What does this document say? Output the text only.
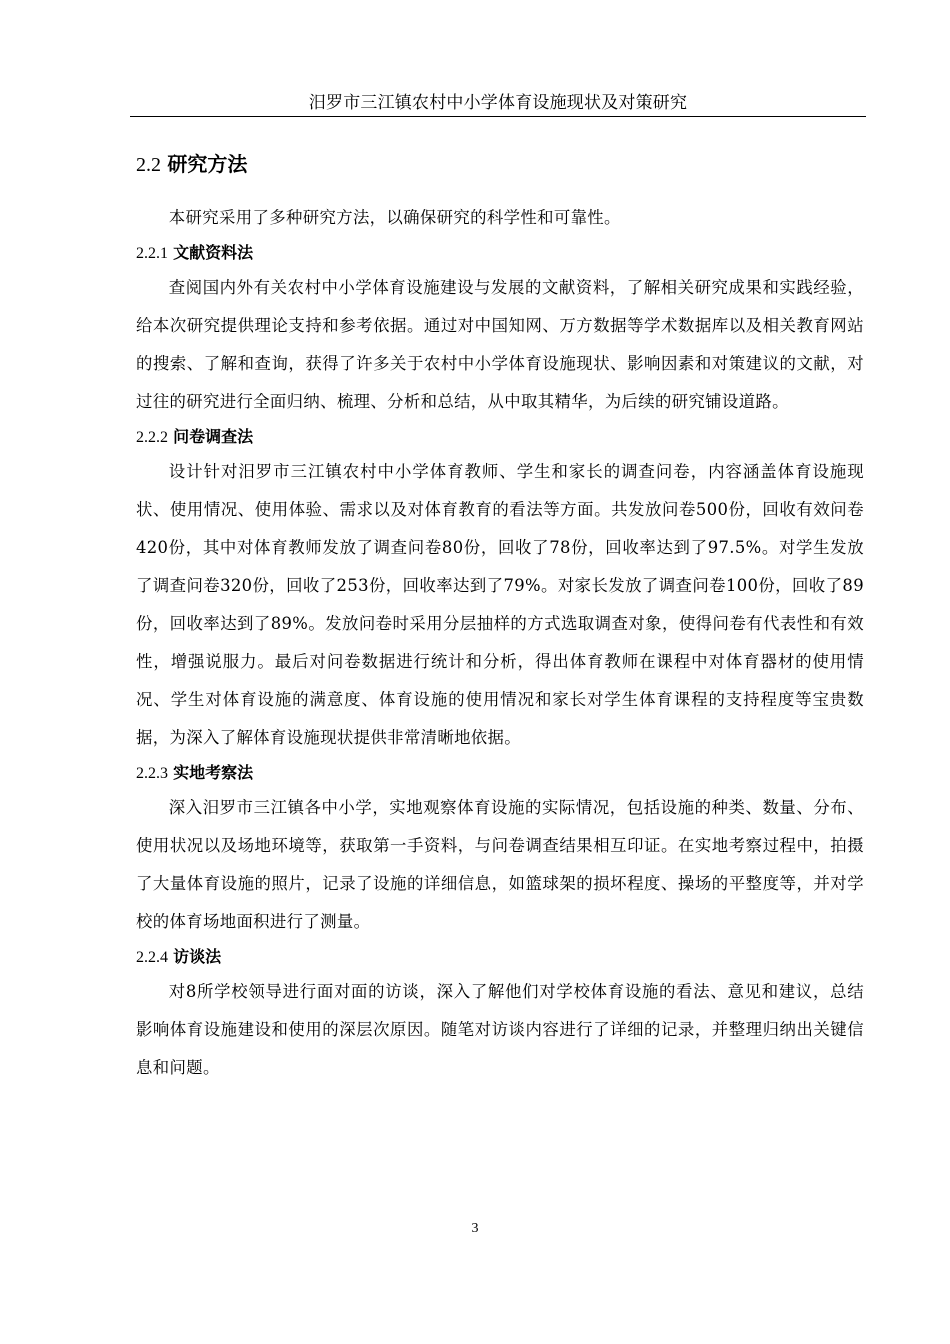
汨罗市三江镇农村中小学体育设施现状及对策研究
2.2 研究方法

本研究采用了多种研究方法，以确保研究的科学性和可靠性。

2.2.1 文献资料法

查阅国内外有关农村中小学体育设施建设与发展的文献资料，了解相关研究成果和实践经验，给本次研究提供理论支持和参考依据。通过对中国知网、万方数据等学术数据库以及相关教育网站的搜索、了解和查询，获得了许多关于农村中小学体育设施现状、影响因素和对策建议的文献，对过往的研究进行全面归纳、梳理、分析和总结，从中取其精华，为后续的研究铺设道路。

2.2.2 问卷调查法

设计针对汨罗市三江镇农村中小学体育教师、学生和家长的调查问卷，内容涵盖体育设施现状、使用情况、使用体验、需求以及对体育教育的看法等方面。共发放问卷500份，回收有效问卷420份，其中对体育教师发放了调查问卷80份，回收了78份，回收率达到了97.5%。对学生发放了调查问卷320份，回收了253份，回收率达到了79%。对家长发放了调查问卷100份，回收了89份，回收率达到了89%。发放问卷时采用分层抽样的方式选取调查对象，使得问卷有代表性和有效性，增强说服力。最后对问卷数据进行统计和分析，得出体育教师在课程中对体育器材的使用情况、学生对体育设施的满意度、体育设施的使用情况和家长对学生体育课程的支持程度等宝贵数据，为深入了解体育设施现状提供非常清晰地依据。

2.2.3 实地考察法

深入汨罗市三江镇各中小学，实地观察体育设施的实际情况，包括设施的种类、数量、分布、使用状况以及场地环境等，获取第一手资料，与问卷调查结果相互印证。在实地考察过程中，拍摄了大量体育设施的照片，记录了设施的详细信息，如篮球架的损坏程度、操场的平整度等，并对学校的体育场地面积进行了测量。

2.2.4 访谈法

对8所学校领导进行面对面的访谈，深入了解他们对学校体育设施的看法、意见和建议，总结影响体育设施建设和使用的深层次原因。随笔对访谈内容进行了详细的记录，并整理归纳出关键信息和问题。

3
